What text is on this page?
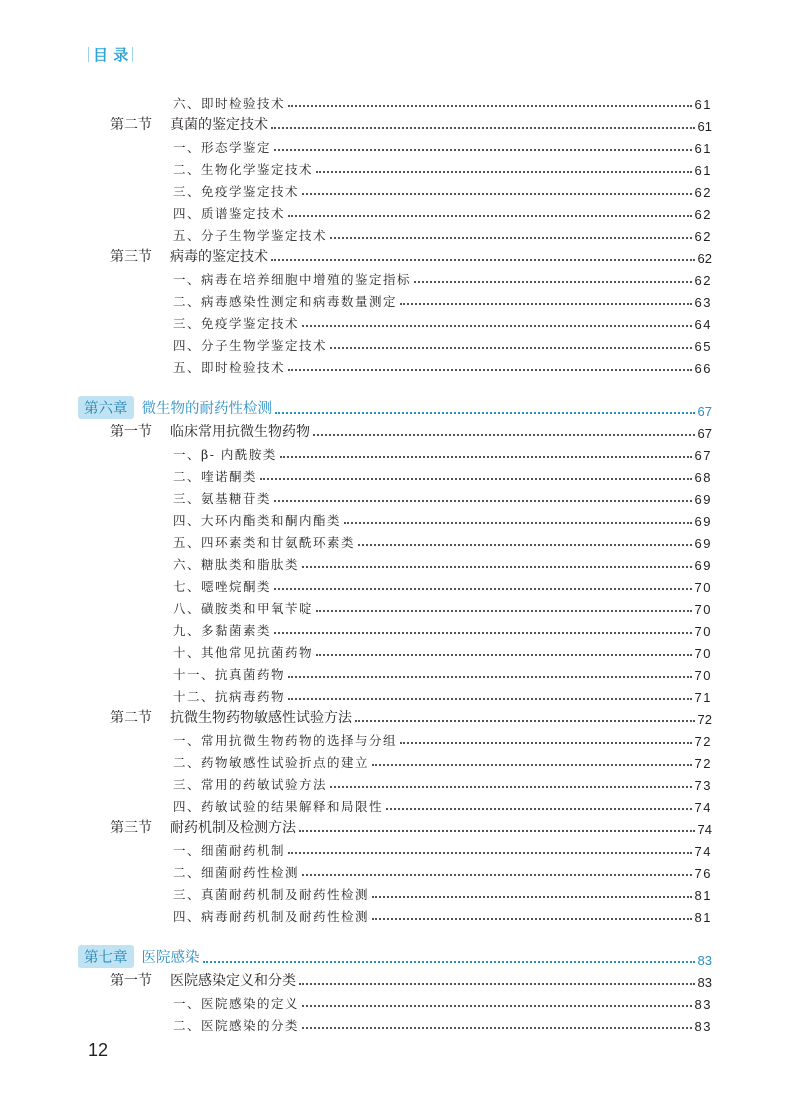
目 录
六、即时检验技术	61
第二节 真菌的鉴定技术	61
一、形态学鉴定	61
二、生物化学鉴定技术	61
三、免疫学鉴定技术	62
四、质谱鉴定技术	62
五、分子生物学鉴定技术	62
第三节 病毒的鉴定技术	62
一、病毒在培养细胞中增殖的鉴定指标	62
二、病毒感染性测定和病毒数量测定	63
三、免疫学鉴定技术	64
四、分子生物学鉴定技术	65
五、即时检验技术	66
第六章 微生物的耐药性检测	67
第一节 临床常用抗微生物药物	67
一、β- 内酰胺类	67
二、喹诺酮类	68
三、氨基糖苷类	69
四、大环内酯类和酮内酯类	69
五、四环素类和甘氨酰环素类	69
六、糖肽类和脂肽类	69
七、噁唑烷酮类	70
八、磺胺类和甲氧苄啶	70
九、多黏菌素类	70
十、其他常见抗菌药物	70
十一、抗真菌药物	70
十二、抗病毒药物	71
第二节 抗微生物药物敏感性试验方法	72
一、常用抗微生物药物的选择与分组	72
二、药物敏感性试验折点的建立	72
三、常用的药敏试验方法	73
四、药敏试验的结果解释和局限性	74
第三节 耐药机制及检测方法	74
一、细菌耐药机制	74
二、细菌耐药性检测	76
三、真菌耐药机制及耐药性检测	81
四、病毒耐药机制及耐药性检测	81
第七章 医院感染	83
第一节 医院感染定义和分类	83
一、医院感染的定义	83
二、医院感染的分类	83
12
